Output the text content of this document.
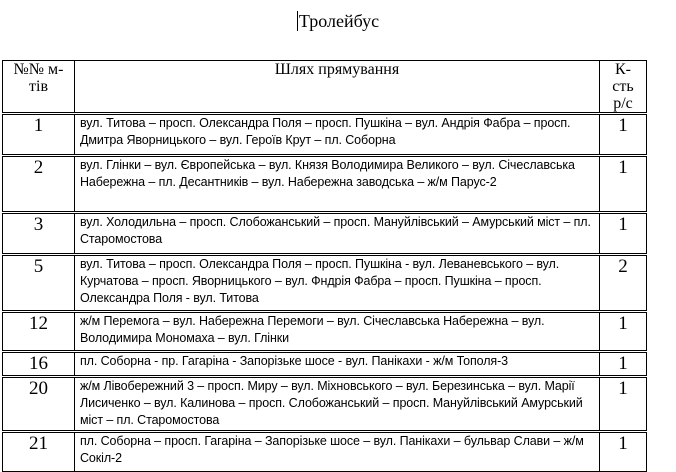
Тролейбус
№№ м-тів	Шлях прямування	К-сть р/с
1	вул. Титова – просп. Олександра Поля – просп. Пушкіна – вул. Андрія Фабра – просп. Дмитра Яворницького – вул. Героїв Крут – пл. Соборна	1
2	вул. Глінки – вул. Європейська – вул. Князя Володимира Великого – вул. Січеславська Набережна – пл. Десантників – вул. Набережна заводська – ж/м Парус-2	1
3	вул. Холодильна – просп. Слобожанський – просп. Мануйлівський – Амурський міст – пл. Старомостова	1
5	вул. Титова – просп. Олександра Поля – просп. Пушкіна - вул. Леваневського – вул. Курчатова – просп. Яворницького – вул. Фндрія Фабра – просп. Пушкіна – просп. Олександра Поля - вул. Титова	2
12	ж/м Перемога – вул. Набережна Перемоги – вул. Січеславська Набережна – вул. Володимира Мономаха – вул. Глінки	1
16	пл. Соборна - пр. Гагаріна - Запорізьке шосе - вул. Панікахи - ж/м Тополя-3	1
20	ж/м Лівобережний 3 – просп. Миру – вул. Міхновського – вул. Березинська – вул. Марії Лисиченко – вул. Калинова – просп. Слобожанський – просп. Мануйлівський Амурський міст – пл. Старомостова	1
21	пл. Соборна – просп. Гагаріна – Запорізьке шосе – вул. Панікахи – бульвар Слави – ж/м Сокіл-2	1
